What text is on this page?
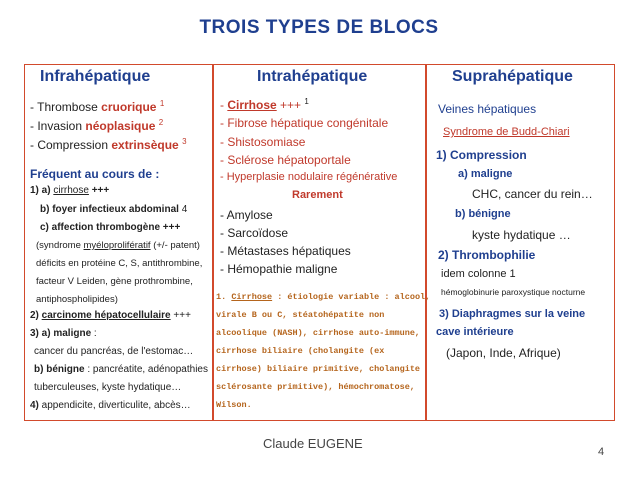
TROIS TYPES DE BLOCS
Infrahépatique
- Thrombose cruorique $^1$
- Invasion néoplasique $^2$
- Compression extrinsèque $^3$
Fréquent au cours de :
1) a) cirrhose +++
b) foyer infectieux abdominal 4
c) affection thrombogène +++
(syndrome myéloprolifératif (+/- patent)
déficits en protéine C, S, antithrombine,
facteur V Leiden, gène prothrombine,
antiphospholipides)
2) carcinome hépatocellulaire +++
3) a) maligne :
cancer du pancréas, de l'estomac…
b) bénigne : pancréatite, adénopathies
tuberculeuses, kyste hydatique…
4) appendicite, diverticulite, abcès…
Intrahépatique
- Cirrhose +++ $^1$
- Fibrose hépatique congénitale
- Shistosomiase
- Sclérose hépatoportale
- Hyperplasie nodulaire régénérative
Rarement
- Amylose
- Sarcoïdose
- Métastases hépatiques
- Hémopathie maligne
1. Cirrhose : étiologie variable : alcool,
virale B ou C, stéatohépatite non
alcoolique (NASH), cirrhose auto-immune,
cirrhose biliaire (cholangite (ex
cirrhose) biliaire primitive, cholangite
sclérosante primitive), hémochromatose,
Wilson.
Suprahépatique
Veines hépatiques
Syndrome de Budd-Chiari
1) Compression
a) maligne
CHC, cancer du rein…
b) bénigne
kyste hydatique …
2) Thrombophilie
idem colonne 1
hémoglobinurie paroxystique nocturne
3) Diaphragmes sur la veine
cave intérieure
(Japon, Inde, Afrique)
Claude EUGENE
4
